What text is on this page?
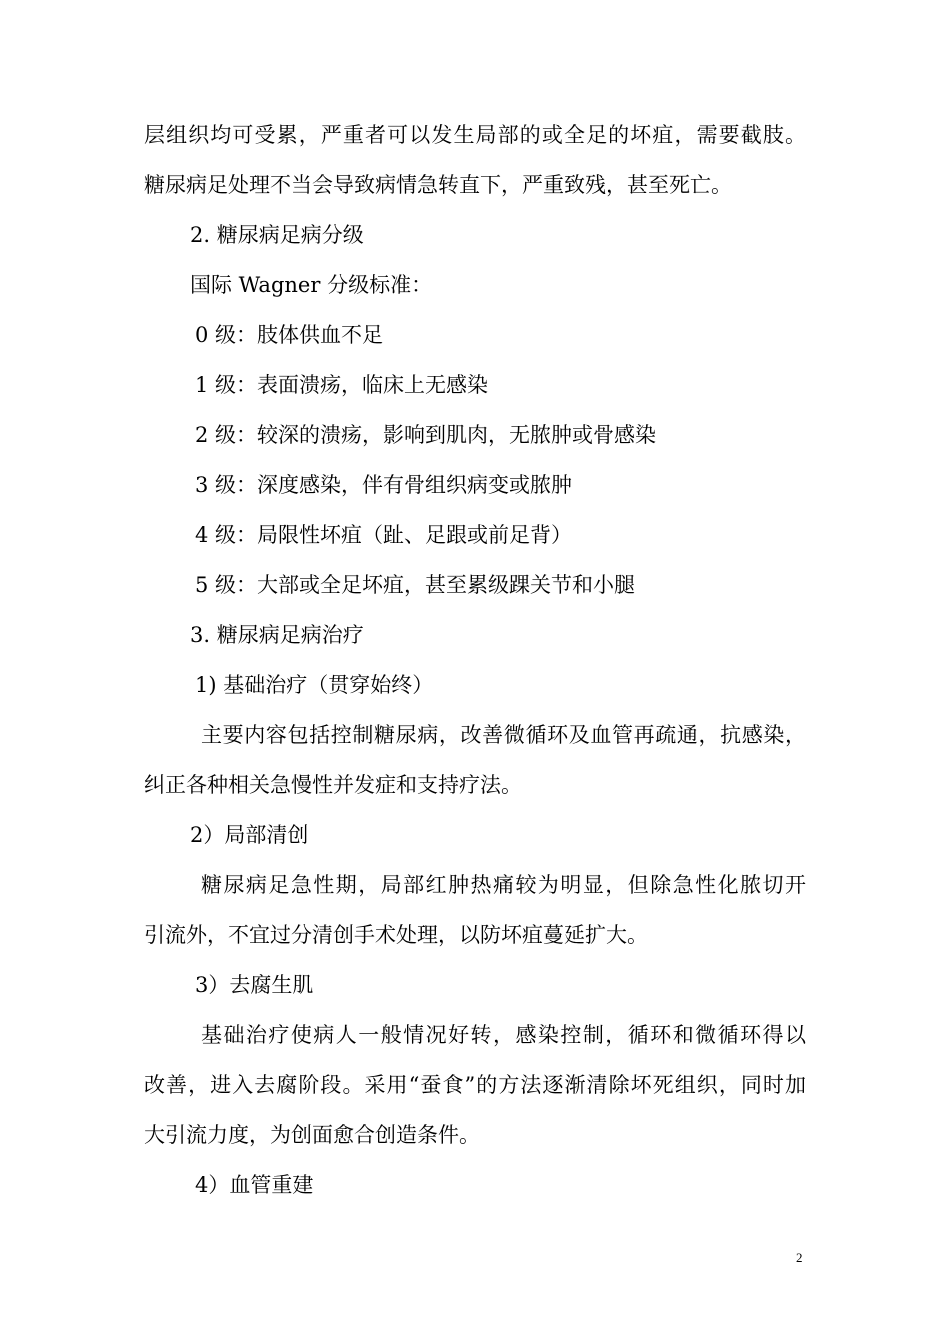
层组织均可受累，严重者可以发生局部的或全足的坏疽，需要截肢。
糖尿病足处理不当会导致病情急转直下，严重致残，甚至死亡。
2. 糖尿病足病分级
国际 Wagner 分级标准：
0 级：肢体供血不足
1 级：表面溃疡，临床上无感染
2 级：较深的溃疡，影响到肌肉，无脓肿或骨感染
3 级：深度感染，伴有骨组织病变或脓肿
4 级：局限性坏疽（趾、足跟或前足背）
5 级：大部或全足坏疽，甚至累级踝关节和小腿
3. 糖尿病足病治疗
1) 基础治疗（贯穿始终）
主要内容包括控制糖尿病，改善微循环及血管再疏通，抗感染，
纠正各种相关急慢性并发症和支持疗法。
2）局部清创
糖尿病足急性期，局部红肿热痛较为明显，但除急性化脓切开
引流外，不宜过分清创手术处理，以防坏疽蔓延扩大。
3）去腐生肌
基础治疗使病人一般情况好转，感染控制，循环和微循环得以
改善，进入去腐阶段。采用“蚕食”的方法逐渐清除坏死组织，同时加
大引流力度，为创面愈合创造条件。
4）血管重建
2
